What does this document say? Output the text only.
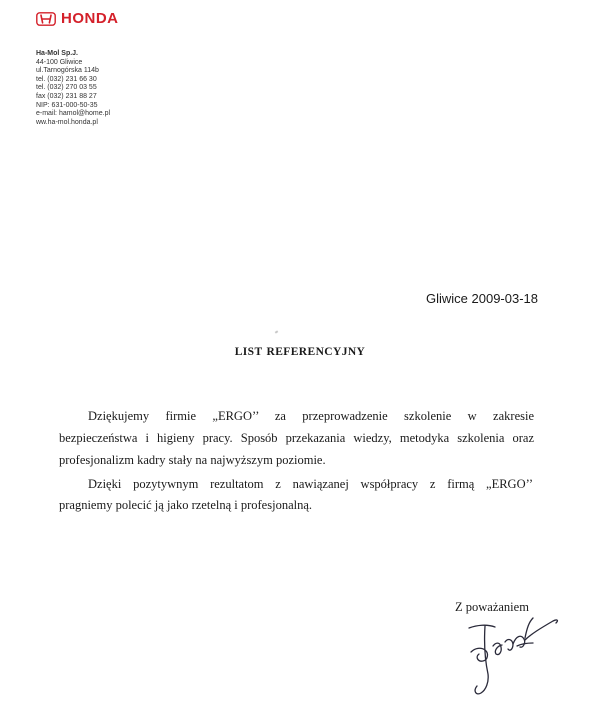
HONDA
Ha-Mol Sp.J.
44-100 Gliwice
ul.Tarnogórska 114b
tel. (032) 231 66 30
tel. (032) 270 03 55
fax (032) 231 88 27
NIP: 631-000-50-35
e-mail: hamol@home.pl
ww.ha-mol.honda.pl
Gliwice 2009-03-18
LIST REFERENCYJNY
Dziękujemy firmie „ERGO’’ za przeprowadzenie szkolenie w zakresie
bezpieczeństwa i higieny pracy. Sposób przekazania wiedzy, metodyka szkolenia oraz
profesjonalizm kadry stały na najwyższym poziomie.
Dzięki pozytywnym rezultatom z nawiązanej współpracy z firmą „ERGO’’
pragniemy polecić ją jako rzetelną i profesjonalną.
Z poważaniem
